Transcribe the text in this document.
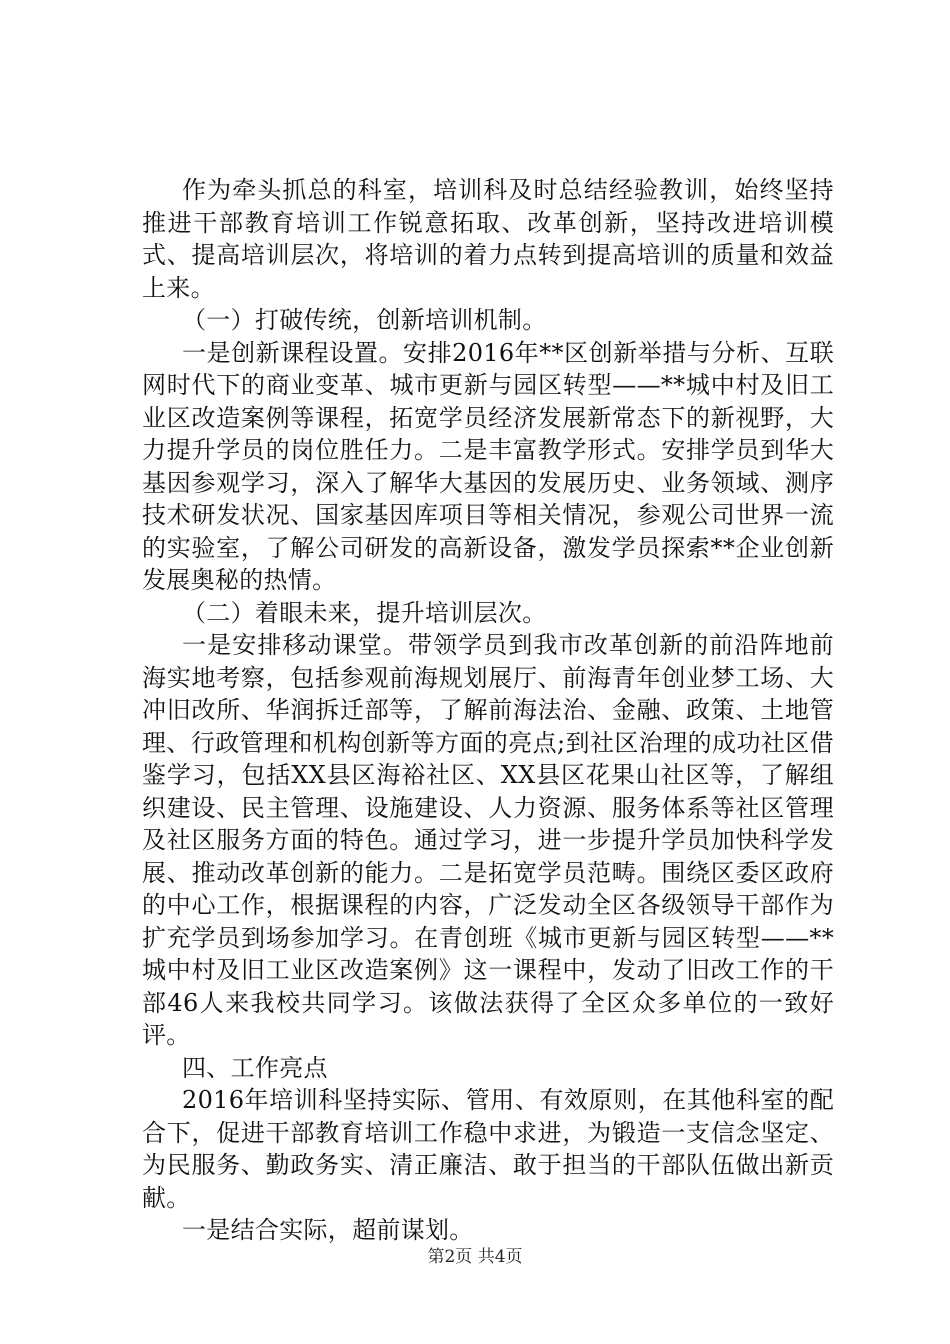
作为牵头抓总的科室，培训科及时总结经验教训，始终坚持推进干部教育培训工作锐意拓取、改革创新，坚持改进培训模式、提高培训层次，将培训的着力点转到提高培训的质量和效益上来。

（一）打破传统，创新培训机制。

一是创新课程设置。安排2016年**区创新举措与分析、互联网时代下的商业变革、城市更新与园区转型——**城中村及旧工业区改造案例等课程，拓宽学员经济发展新常态下的新视野，大力提升学员的岗位胜任力。二是丰富教学形式。安排学员到华大基因参观学习，深入了解华大基因的发展历史、业务领域、测序技术研发状况、国家基因库项目等相关情况，参观公司世界一流的实验室，了解公司研发的高新设备，激发学员探索**企业创新发展奥秘的热情。

（二）着眼未来，提升培训层次。

一是安排移动课堂。带领学员到我市改革创新的前沿阵地前海实地考察，包括参观前海规划展厅、前海青年创业梦工场、大冲旧改所、华润拆迁部等，了解前海法治、金融、政策、土地管理、行政管理和机构创新等方面的亮点;到社区治理的成功社区借鉴学习，包括XX县区海裕社区、XX县区花果山社区等，了解组织建设、民主管理、设施建设、人力资源、服务体系等社区管理及社区服务方面的特色。通过学习，进一步提升学员加快科学发展、推动改革创新的能力。二是拓宽学员范畴。围绕区委区政府的中心工作，根据课程的内容，广泛发动全区各级领导干部作为扩充学员到场参加学习。在青创班《城市更新与园区转型——**城中村及旧工业区改造案例》这一课程中，发动了旧改工作的干部46人来我校共同学习。该做法获得了全区众多单位的一致好评。

四、工作亮点

2016年培训科坚持实际、管用、有效原则，在其他科室的配合下，促进干部教育培训工作稳中求进，为锻造一支信念坚定、为民服务、勤政务实、清正廉洁、敢于担当的干部队伍做出新贡献。

一是结合实际，超前谋划。

第2页 共4页
